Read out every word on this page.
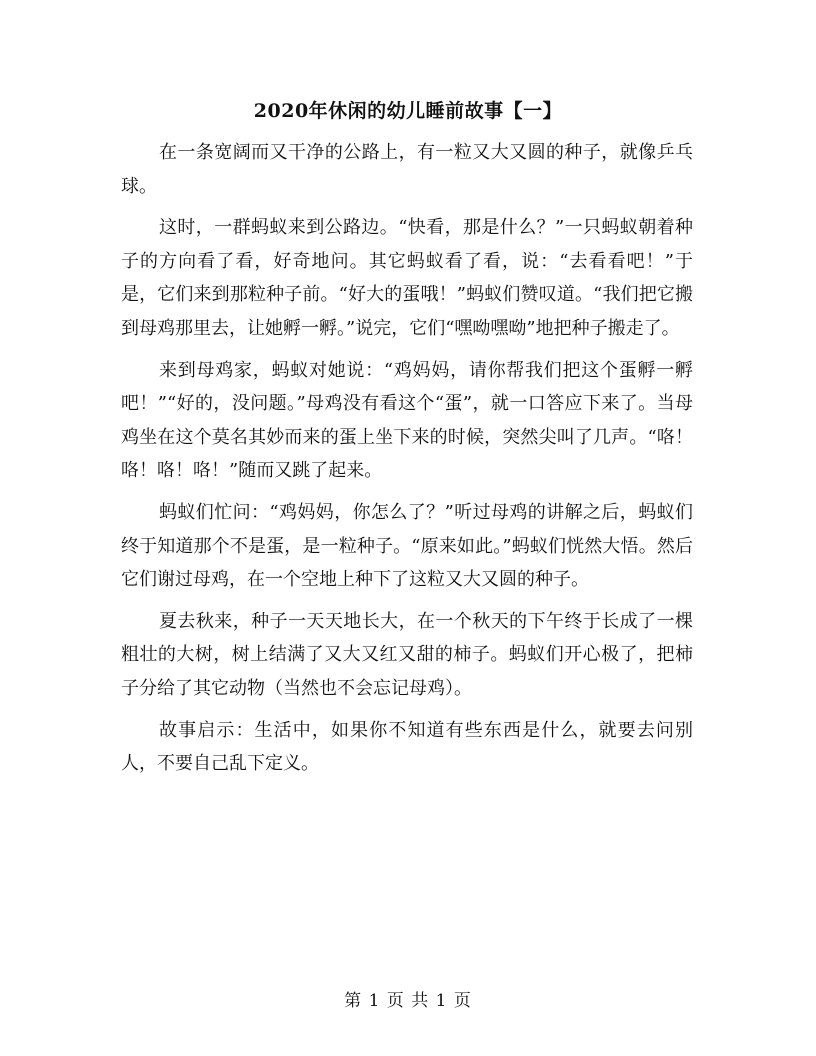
2020年休闲的幼儿睡前故事【一】

在一条宽阔而又干净的公路上，有一粒又大又圆的种子，就像乒乓球。

这时，一群蚂蚁来到公路边。“快看，那是什么？”一只蚂蚁朝着种子的方向看了看，好奇地问。其它蚂蚁看了看，说：“去看看吧！”于是，它们来到那粒种子前。“好大的蛋哦！”蚂蚁们赞叹道。“我们把它搬到母鸡那里去，让她孵一孵。”说完，它们“嘿呦嘿呦”地把种子搬走了。

来到母鸡家，蚂蚁对她说：“鸡妈妈，请你帮我们把这个蛋孵一孵吧！”“好的，没问题。”母鸡没有看这个“蛋”，就一口答应下来了。当母鸡坐在这个莫名其妙而来的蛋上坐下来的时候，突然尖叫了几声。“咯！咯！咯！咯！”随而又跳了起来。

蚂蚁们忙问：“鸡妈妈，你怎么了？”听过母鸡的讲解之后，蚂蚁们终于知道那个不是蛋，是一粒种子。“原来如此。”蚂蚁们恍然大悟。然后它们谢过母鸡，在一个空地上种下了这粒又大又圆的种子。

夏去秋来，种子一天天地长大，在一个秋天的下午终于长成了一棵粗壮的大树，树上结满了又大又红又甜的柿子。蚂蚁们开心极了，把柿子分给了其它动物（当然也不会忘记母鸡）。

故事启示：生活中，如果你不知道有些东西是什么，就要去问别人，不要自己乱下定义。

第 1 页 共 1 页
